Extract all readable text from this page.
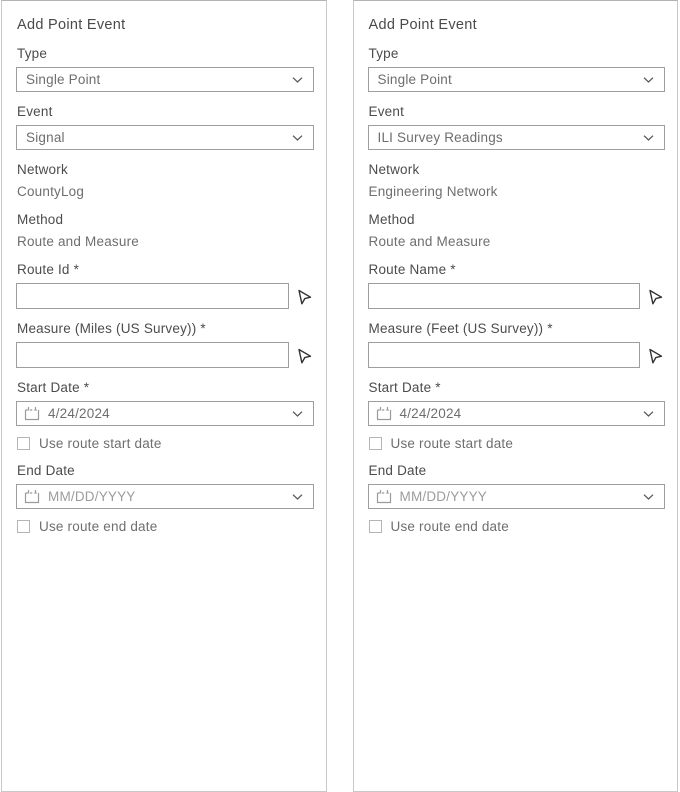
Add Point Event
Type
Single Point
Event
Signal
Network
CountyLog
Method
Route and Measure
Route Id *
Measure (Miles (US Survey)) *
Start Date *
4/24/2024
Use route start date
End Date
MM/DD/YYYY
Use route end date
Add Point Event
Type
Single Point
Event
ILI Survey Readings
Network
Engineering Network
Method
Route and Measure
Route Name *
Measure (Feet (US Survey)) *
Start Date *
4/24/2024
Use route start date
End Date
MM/DD/YYYY
Use route end date
